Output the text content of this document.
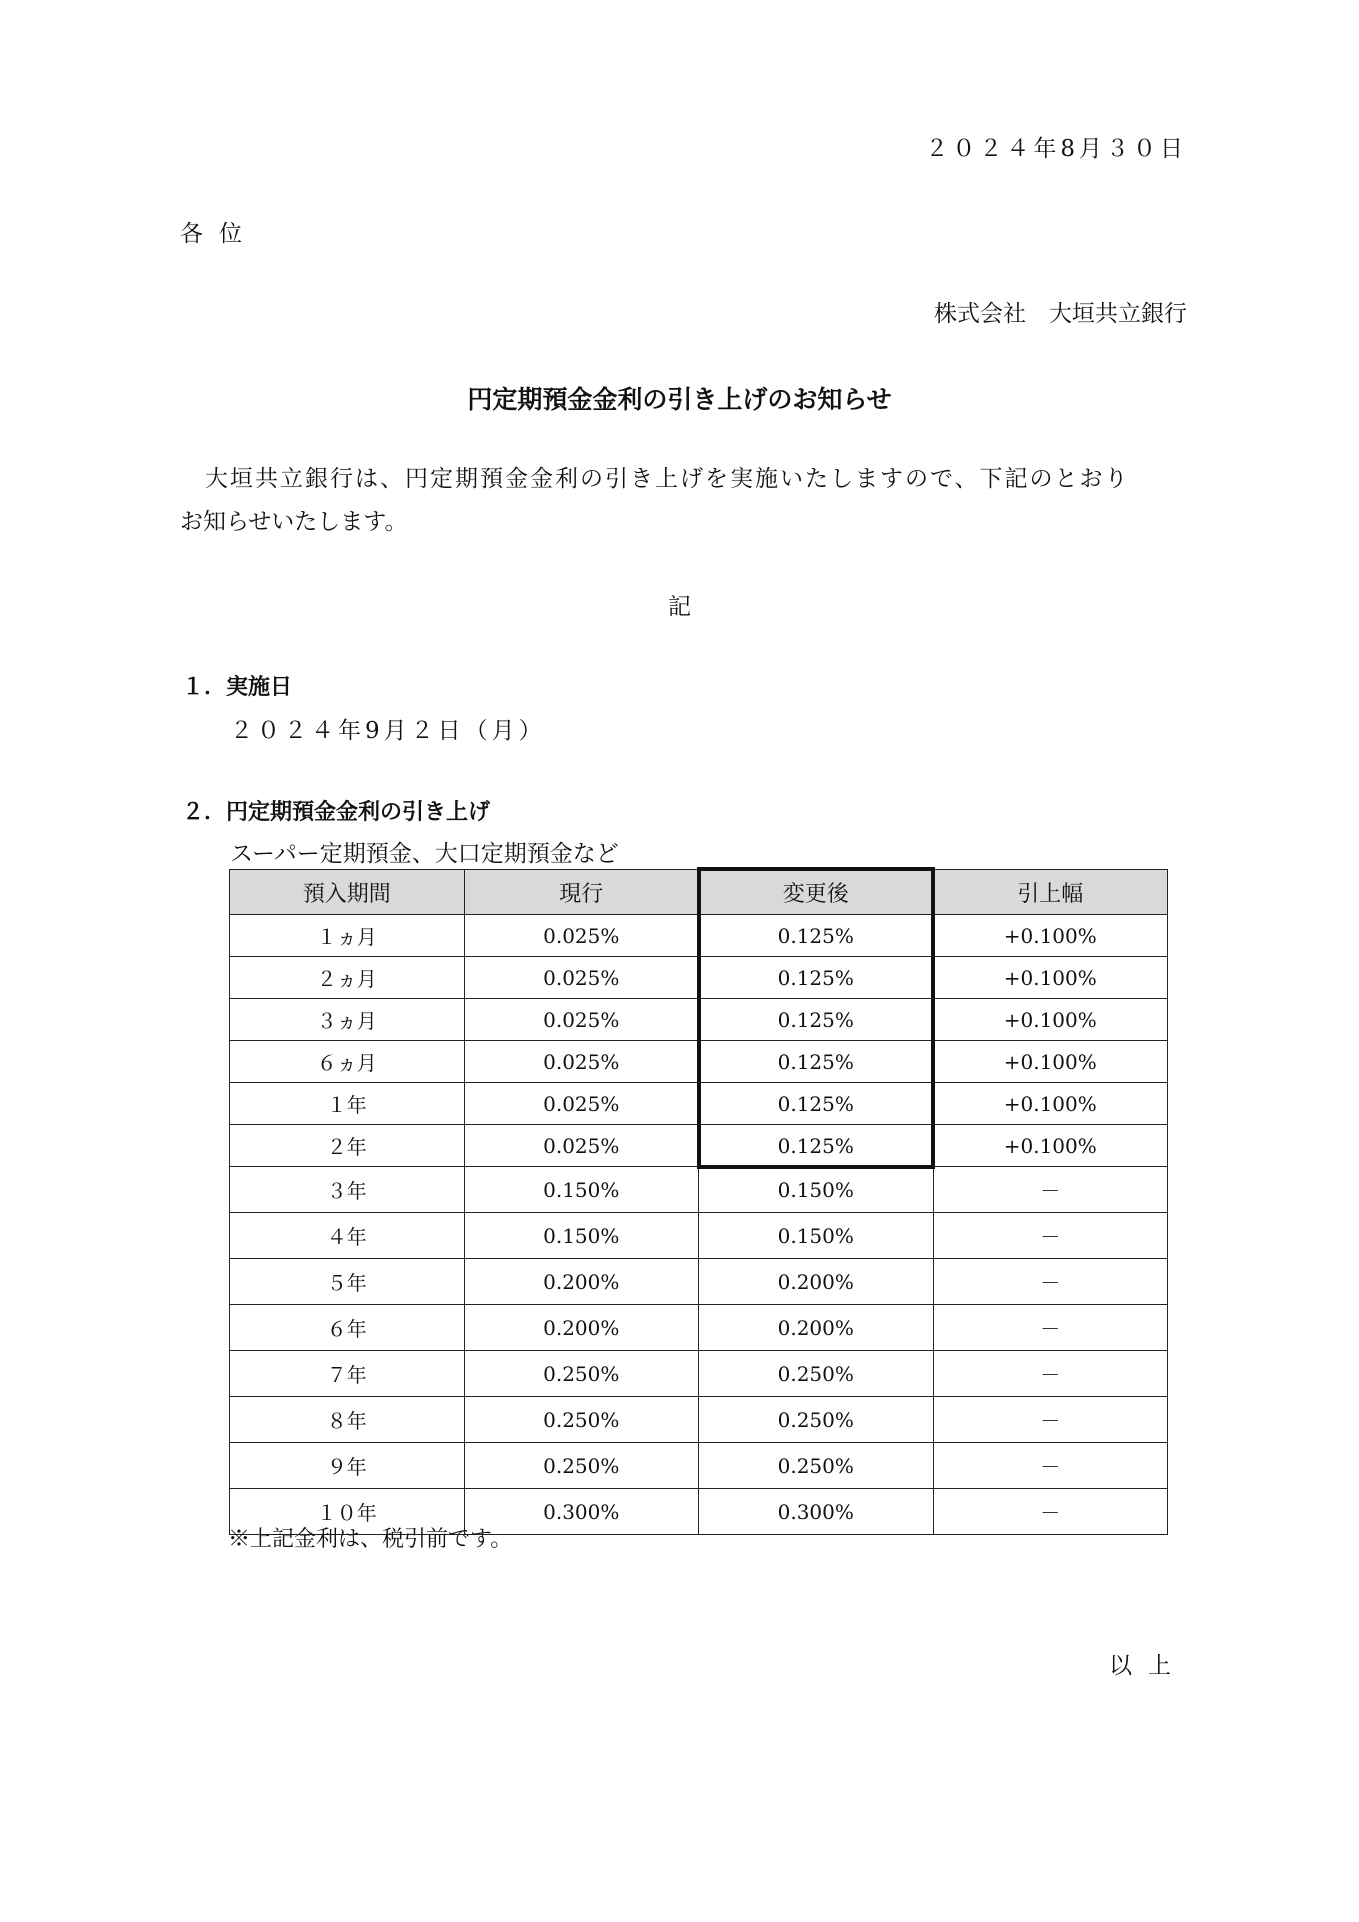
２０２４年8月３０日
各位
株式会社　大垣共立銀行
円定期預金金利の引き上げのお知らせ
大垣共立銀行は、円定期預金金利の引き上げを実施いたしますので、下記のとおり
お知らせいたします。
記
１．実施日
２０２４年9月２日（月）
２．円定期預金金利の引き上げ
スーパー定期預金、大口定期預金など
預入期間	現行	変更後	引上幅
１ヵ月	0.025%	0.125%	+0.100%
２ヵ月	0.025%	0.125%	+0.100%
３ヵ月	0.025%	0.125%	+0.100%
６ヵ月	0.025%	0.125%	+0.100%
１年	0.025%	0.125%	+0.100%
２年	0.025%	0.125%	+0.100%
３年	0.150%	0.150%	－
４年	0.150%	0.150%	－
５年	0.200%	0.200%	－
６年	0.200%	0.200%	－
７年	0.250%	0.250%	－
８年	0.250%	0.250%	－
９年	0.250%	0.250%	－
１０年	0.300%	0.300%	－
※上記金利は、税引前です。
以上
